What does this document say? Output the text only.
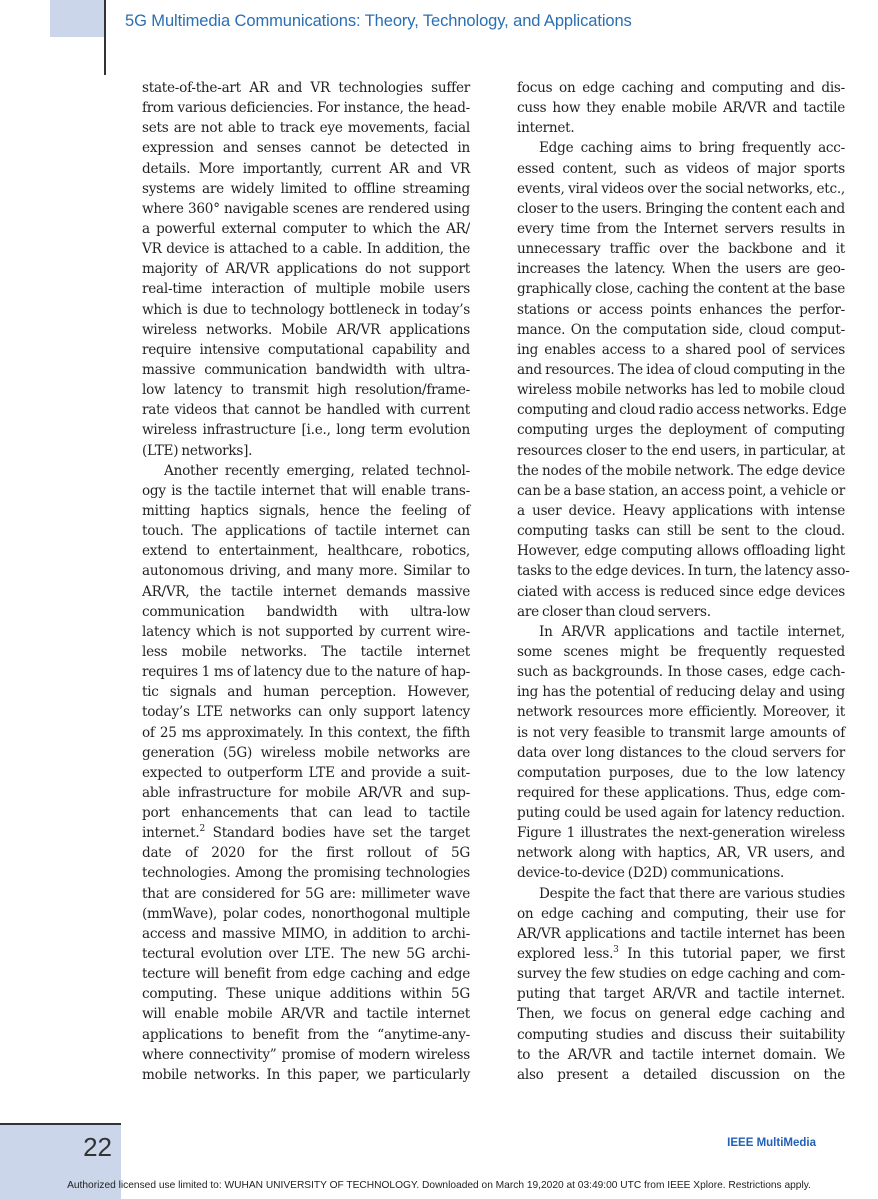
5G Multimedia Communications: Theory, Technology, and Applications
state-of-the-art AR and VR technologies suffer
from various deficiencies. For instance, the head-
sets are not able to track eye movements, facial
expression and senses cannot be detected in
details. More importantly, current AR and VR
systems are widely limited to offline streaming
where 360° navigable scenes are rendered using
a powerful external computer to which the AR/
VR device is attached to a cable. In addition, the
majority of AR/VR applications do not support
real-time interaction of multiple mobile users
which is due to technology bottleneck in today’s
wireless networks. Mobile AR/VR applications
require intensive computational capability and
massive communication bandwidth with ultra-
low latency to transmit high resolution/frame-
rate videos that cannot be handled with current
wireless infrastructure [i.e., long term evolution
(LTE) networks].
Another recently emerging, related technol-
ogy is the tactile internet that will enable trans-
mitting haptics signals, hence the feeling of
touch. The applications of tactile internet can
extend to entertainment, healthcare, robotics,
autonomous driving, and many more. Similar to
AR/VR, the tactile internet demands massive
communication bandwidth with ultra-low
latency which is not supported by current wire-
less mobile networks. The tactile internet
requires 1 ms of latency due to the nature of hap-
tic signals and human perception. However,
today’s LTE networks can only support latency
of 25 ms approximately. In this context, the fifth
generation (5G) wireless mobile networks are
expected to outperform LTE and provide a suit-
able infrastructure for mobile AR/VR and sup-
port enhancements that can lead to tactile
internet.$^2$ Standard bodies have set the target
date of 2020 for the first rollout of 5G
technologies. Among the promising technologies
that are considered for 5G are: millimeter wave
(mmWave), polar codes, nonorthogonal multiple
access and massive MIMO, in addition to archi-
tectural evolution over LTE. The new 5G archi-
tecture will benefit from edge caching and edge
computing. These unique additions within 5G
will enable mobile AR/VR and tactile internet
applications to benefit from the “anytime-any-
where connectivity” promise of modern wireless
mobile networks. In this paper, we particularly
focus on edge caching and computing and dis-
cuss how they enable mobile AR/VR and tactile
internet.
Edge caching aims to bring frequently acc-
essed content, such as videos of major sports
events, viral videos over the social networks, etc.,
closer to the users. Bringing the content each and
every time from the Internet servers results in
unnecessary traffic over the backbone and it
increases the latency. When the users are geo-
graphically close, caching the content at the base
stations or access points enhances the perfor-
mance. On the computation side, cloud comput-
ing enables access to a shared pool of services
and resources. The idea of cloud computing in the
wireless mobile networks has led to mobile cloud
computing and cloud radio access networks. Edge
computing urges the deployment of computing
resources closer to the end users, in particular, at
the nodes of the mobile network. The edge device
can be a base station, an access point, a vehicle or
a user device. Heavy applications with intense
computing tasks can still be sent to the cloud.
However, edge computing allows offloading light
tasks to the edge devices. In turn, the latency asso-
ciated with access is reduced since edge devices
are closer than cloud servers.
In AR/VR applications and tactile internet,
some scenes might be frequently requested
such as backgrounds. In those cases, edge cach-
ing has the potential of reducing delay and using
network resources more efficiently. Moreover, it
is not very feasible to transmit large amounts of
data over long distances to the cloud servers for
computation purposes, due to the low latency
required for these applications. Thus, edge com-
puting could be used again for latency reduction.
Figure 1 illustrates the next-generation wireless
network along with haptics, AR, VR users, and
device-to-device (D2D) communications.
Despite the fact that there are various studies
on edge caching and computing, their use for
AR/VR applications and tactile internet has been
explored less.$^3$ In this tutorial paper, we first
survey the few studies on edge caching and com-
puting that target AR/VR and tactile internet.
Then, we focus on general edge caching and
computing studies and discuss their suitability
to the AR/VR and tactile internet domain. We
also present a detailed discussion on the
22	IEEE MultiMedia
Authorized licensed use limited to: WUHAN UNIVERSITY OF TECHNOLOGY. Downloaded on March 19,2020 at 03:49:00 UTC from IEEE Xplore. Restrictions apply.
